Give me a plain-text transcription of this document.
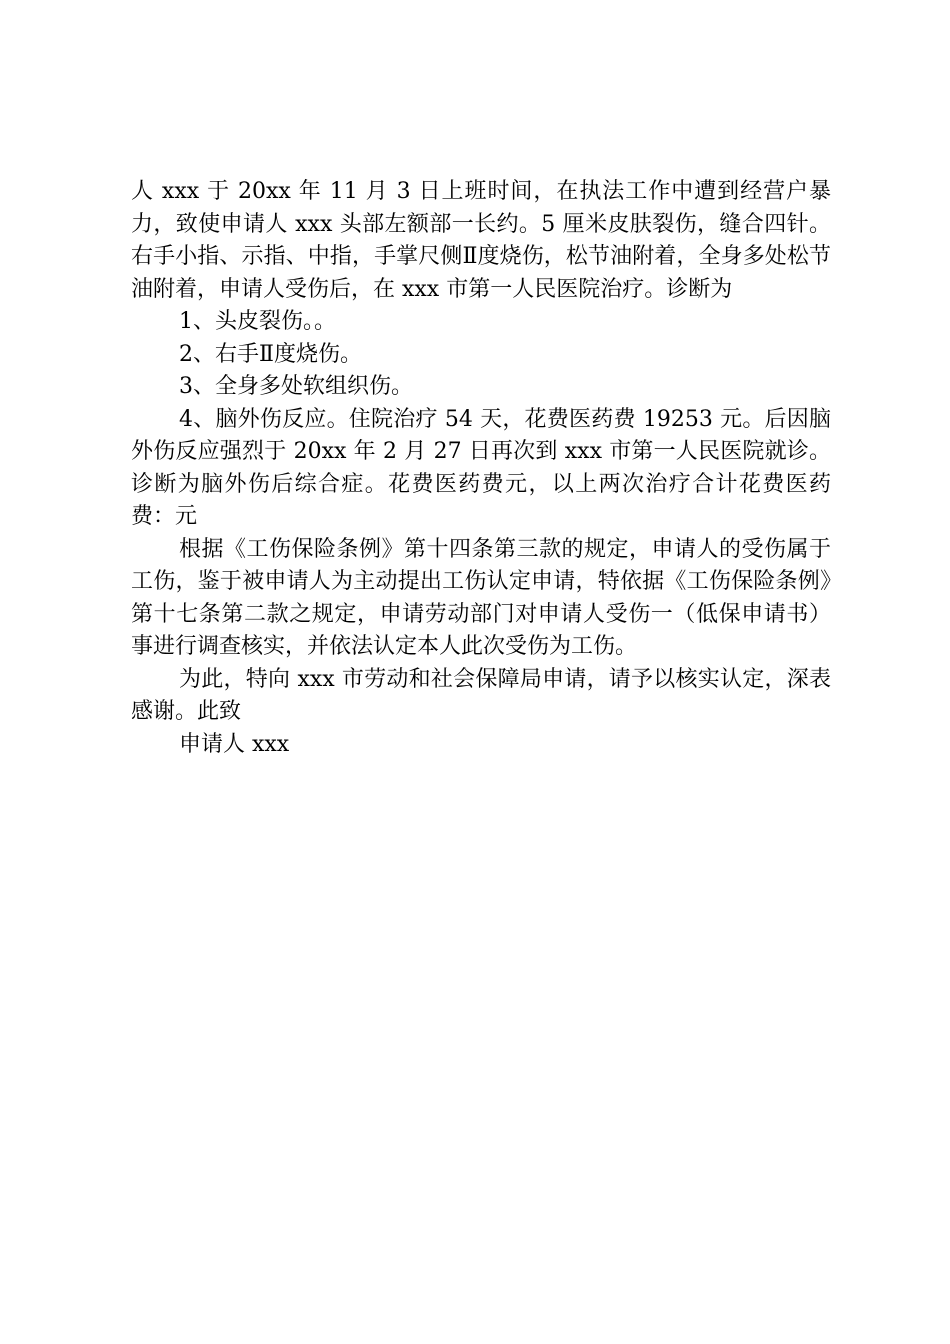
人 xxx 于 20xx 年 11 月 3 日上班时间，在执法工作中遭到经营户暴力，致使申请人 xxx 头部左额部一长约。5 厘米皮肤裂伤，缝合四针。右手小指、示指、中指，手掌尺侧Ⅱ度烧伤，松节油附着，全身多处松节油附着，申请人受伤后，在 xxx 市第一人民医院治疗。诊断为

1、头皮裂伤。。

2、右手Ⅱ度烧伤。

3、全身多处软组织伤。

4、脑外伤反应。住院治疗 54 天，花费医药费 19253 元。后因脑外伤反应强烈于 20xx 年 2 月 27 日再次到 xxx 市第一人民医院就诊。诊断为脑外伤后综合症。花费医药费元，以上两次治疗合计花费医药费：元

根据《工伤保险条例》第十四条第三款的规定，申请人的受伤属于工伤，鉴于被申请人为主动提出工伤认定申请，特依据《工伤保险条例》第十七条第二款之规定，申请劳动部门对申请人受伤一（低保申请书）事进行调查核实，并依法认定本人此次受伤为工伤。

为此，特向 xxx 市劳动和社会保障局申请，请予以核实认定，深表感谢。此致

申请人 xxx
